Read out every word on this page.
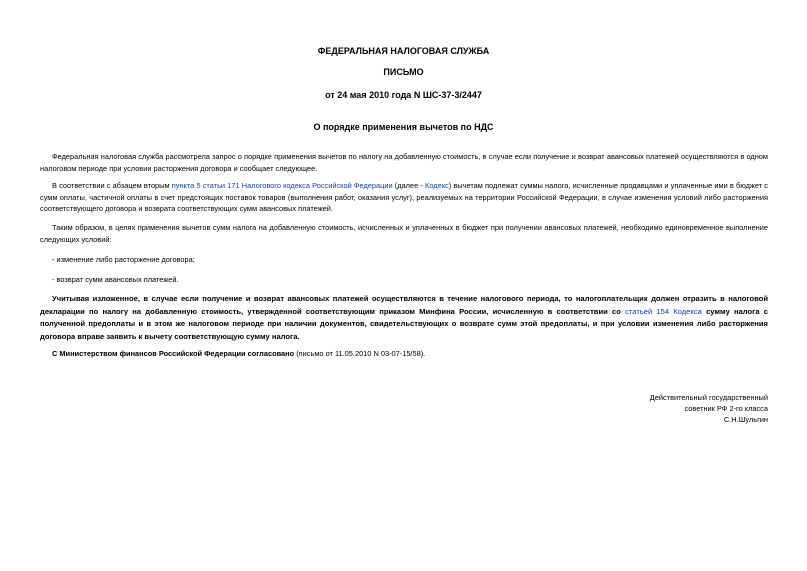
ФЕДЕРАЛЬНАЯ НАЛОГОВАЯ СЛУЖБА
ПИСЬМО
от 24 мая 2010 года N ШС-37-3/2447
О порядке применения вычетов по НДС

Федеральная налоговая служба рассмотрела запрос о порядке применения вычетов по налогу на добавленную стоимость, в случае если получение и возврат авансовых платежей осуществляются в одном налоговом периоде при условии расторжения договора и сообщает следующее.

В соответствии с абзацем вторым пункта 5 статьи 171 Налогового кодекса Российской Федерации (далее - Кодекс) вычетам подлежат суммы налога, исчисленные продавцами и уплаченные ими в бюджет с сумм оплаты, частичной оплаты в счет предстоящих поставок товаров (выполнения работ, оказания услуг), реализуемых на территории Российской Федерации, в случае изменения условий либо расторжения соответствующего договора и возврата соответствующих сумм авансовых платежей.

Таким образом, в целях применения вычетов сумм налога на добавленную стоимость, исчисленных и уплаченных в бюджет при получении авансовых платежей, необходимо единовременное выполнение следующих условий:

- изменение либо расторжение договора;

- возврат сумм авансовых платежей.

Учитывая изложенное, в случае если получение и возврат авансовых платежей осуществляются в течение налогового периода, то налогоплательщик должен отразить в налоговой декларации по налогу на добавленную стоимость, утвержденной соответствующим приказом Минфина России, исчисленную в соответствии со статьей 154 Кодекса сумму налога с полученной предоплаты и в этом же налоговом периоде при наличии документов, свидетельствующих о возврате сумм этой предоплаты, и при условии изменения либо расторжения договора вправе заявить к вычету соответствующую сумму налога.

С Министерством финансов Российской Федерации согласовано (письмо от 11.05.2010 N 03-07-15/58).

Действительный государственный
советник РФ 2-го класса
С.Н.Шульгин
